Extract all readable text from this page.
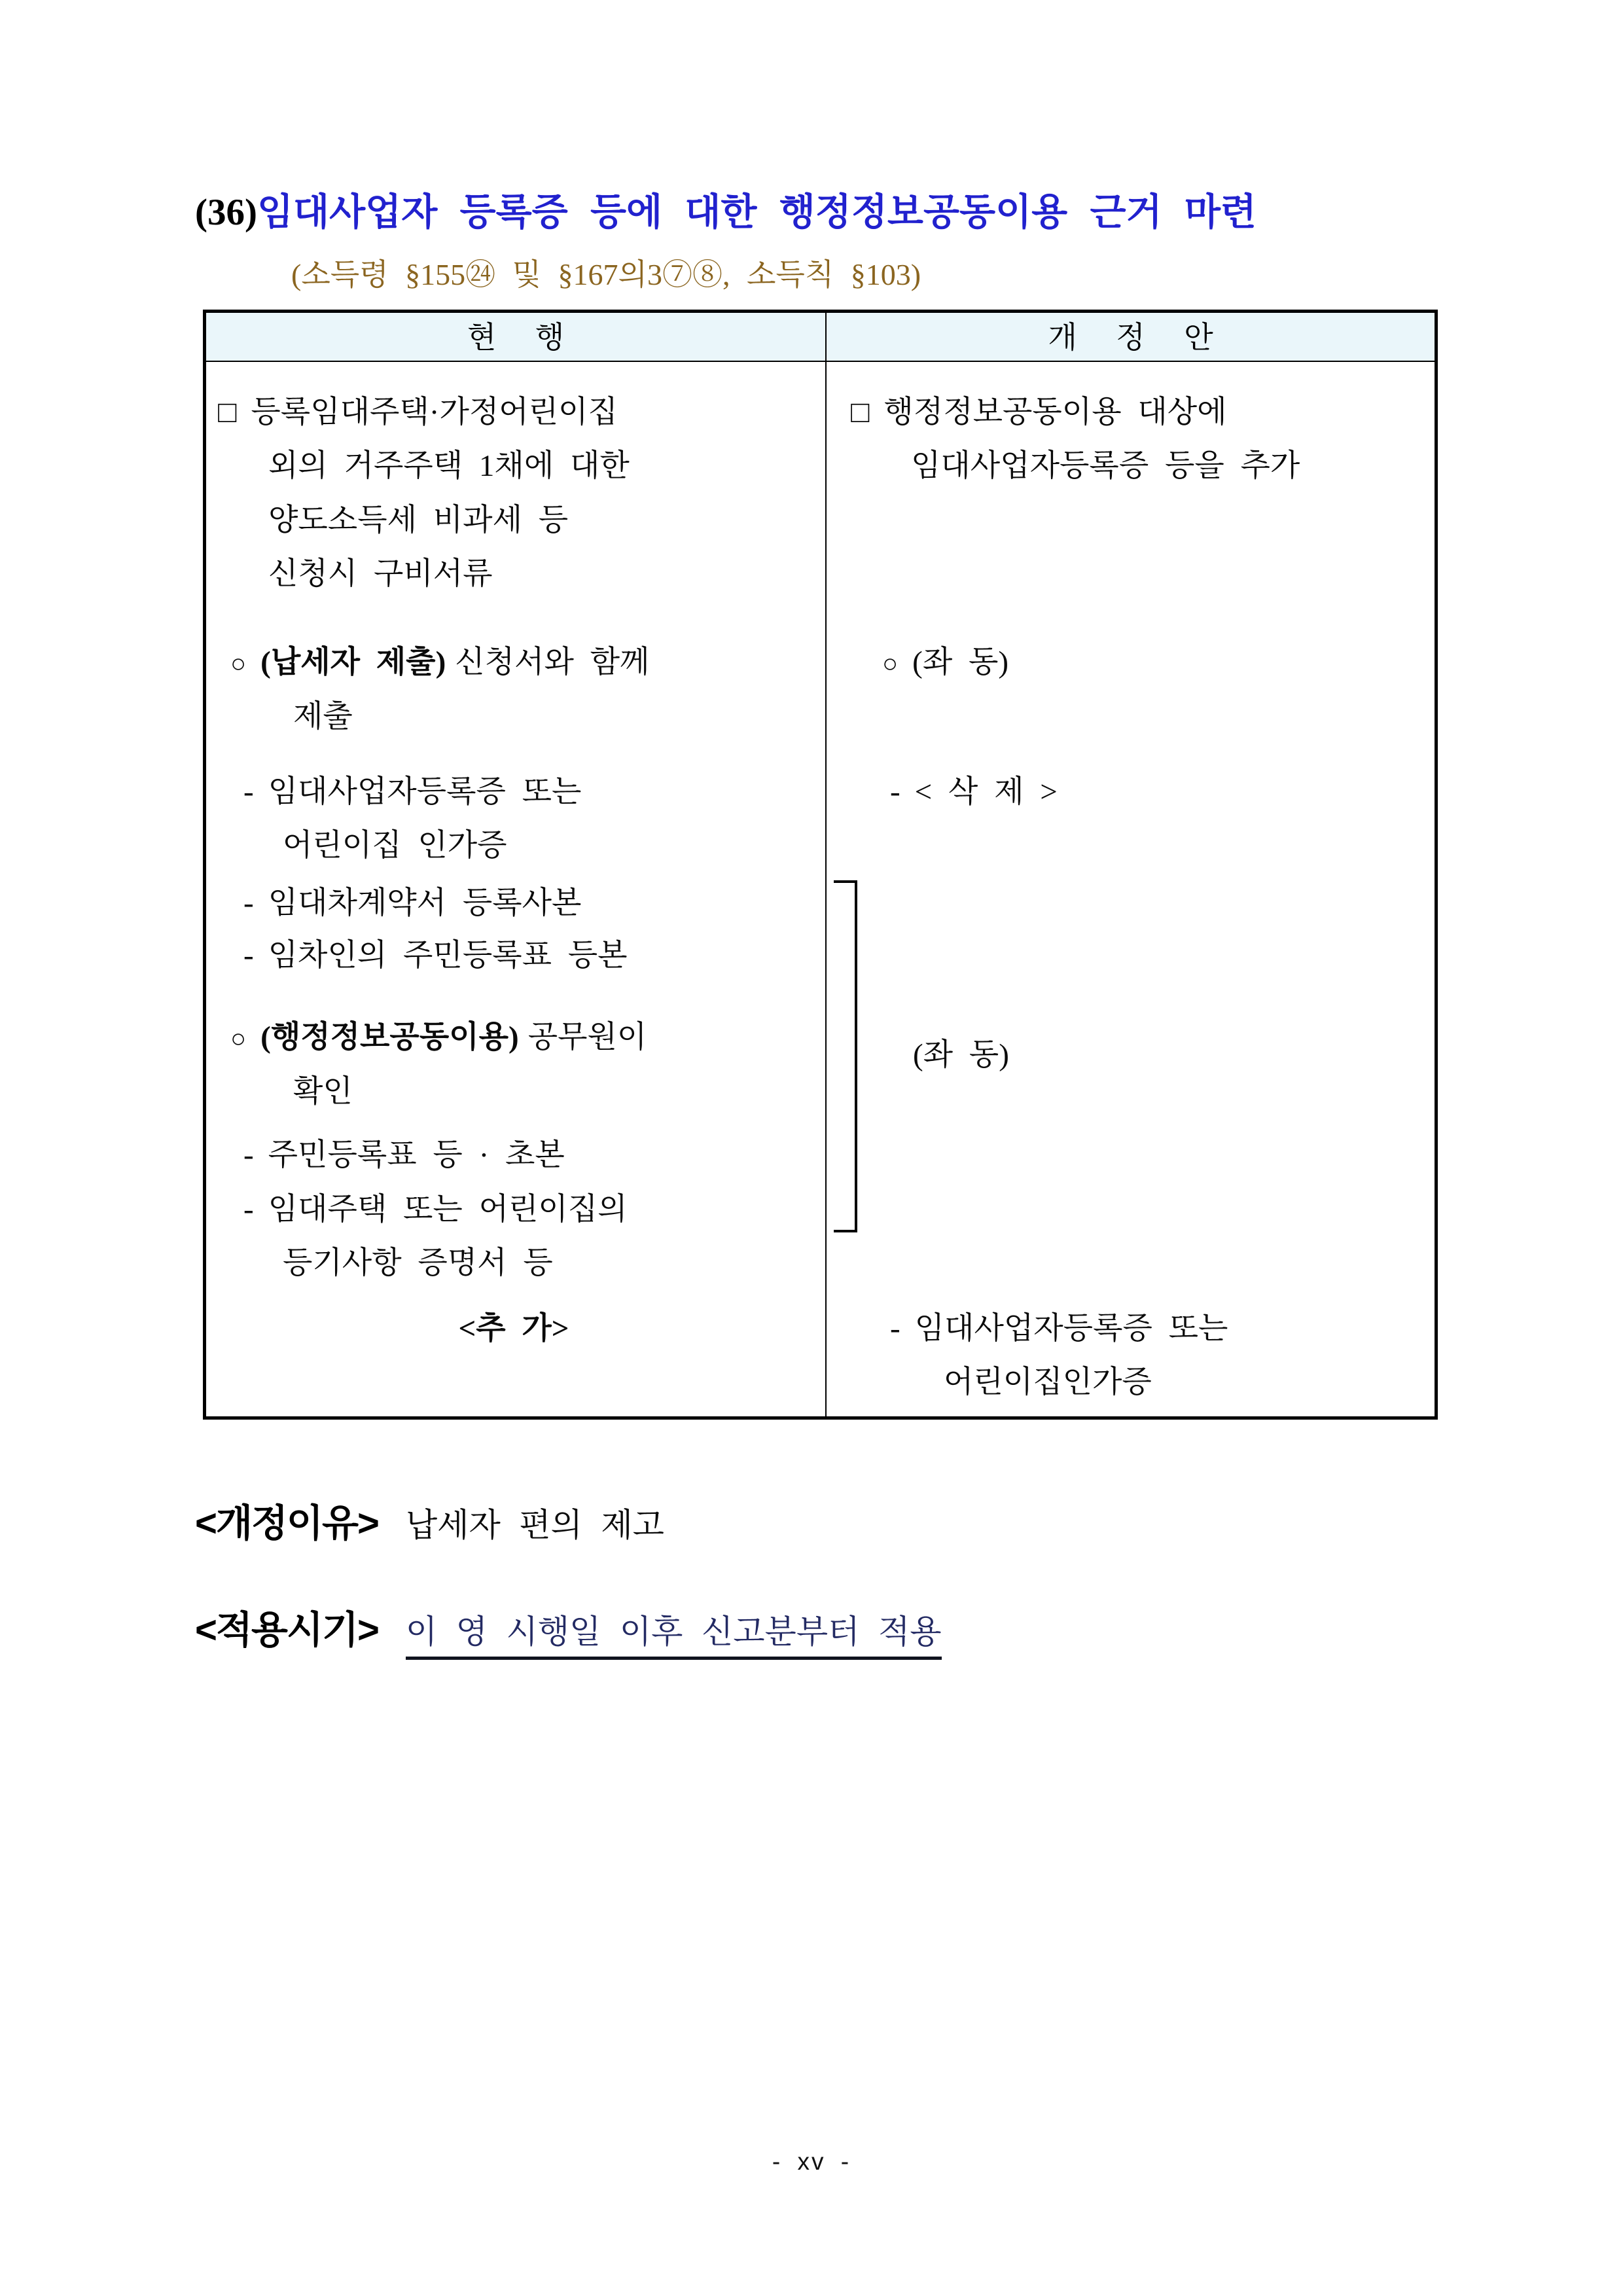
(36)임대사업자 등록증 등에 대한 행정정보공동이용 근거 마련
(소득령 §155㉔ 및 §167의3⑦⑧, 소득칙 §103)
현 행	개 정 안
□ 등록임대주택·가정어린이집
외의 거주주택 1채에 대한
양도소득세 비과세 등
신청시 구비서류
○ (납세자 제출) 신청서와 함께
제출
- 임대사업자등록증 또는
어린이집 인가증
- 임대차계약서 등록사본
- 임차인의 주민등록표 등본
○ (행정정보공동이용) 공무원이
확인
- 주민등록표 등 · 초본
- 임대주택 또는 어린이집의
등기사항 증명서 등
<추 가>
□ 행정정보공동이용 대상에
임대사업자등록증 등을 추가
○ (좌 동)
- < 삭 제 >
(좌 동)
- 임대사업자등록증 또는
어린이집인가증
<개정이유> 납세자 편의 제고
<적용시기> 이 영 시행일 이후 신고분부터 적용
- xv -
